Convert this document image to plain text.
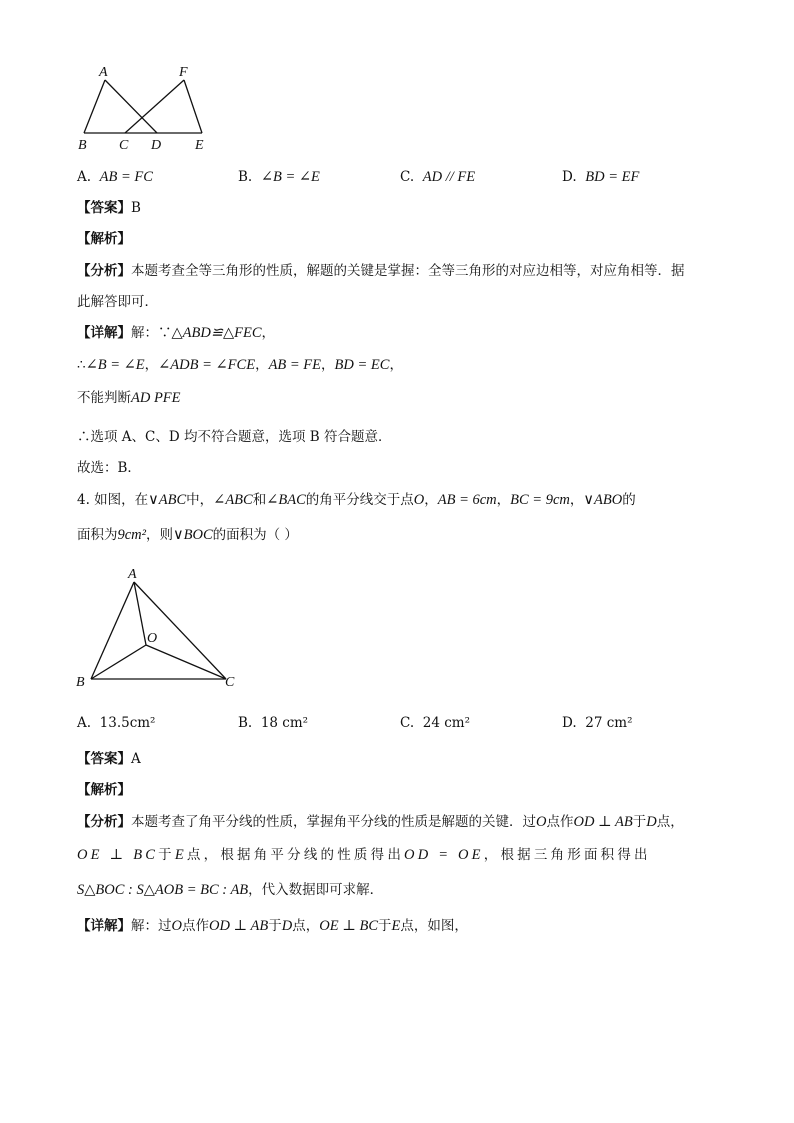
A	F
B C D E
A. AB = FC	B. ∠B = ∠E	C. AD // FE	D. BD = EF
【答案】B
【解析】
【分析】本题考查全等三角形的性质，解题的关键是掌握：全等三角形的对应边相等，对应角相等．据
此解答即可．
【详解】解：∵△ABD≌△FEC，
∴∠B = ∠E，∠ADB = ∠FCE，AB = FE，BD = EC，
不能判断AD PFE
∴选项 A、C、D 均不符合题意，选项 B 符合题意．
故选：B．
4. 如图，在∨ABC中，∠ABC和∠BAC的角平分线交于点O，AB = 6cm，BC = 9cm，∨ABO的
面积为9cm²，则∨BOC的面积为（ ）
A
O
B	C
A. 13.5cm²	B. 18 cm²	C. 24 cm²	D. 27 cm²
【答案】A
【解析】
【分析】本题考查了角平分线的性质，掌握角平分线的性质是解题的关键．过O点作OD ⊥ AB于D点，
OE ⊥ BC于E点，根据角平分线的性质得出OD = OE，根据三角形面积得出
S△BOC : S△AOB = BC : AB，代入数据即可求解．
【详解】解：过O点作OD ⊥ AB于D点，OE ⊥ BC于E点，如图，
